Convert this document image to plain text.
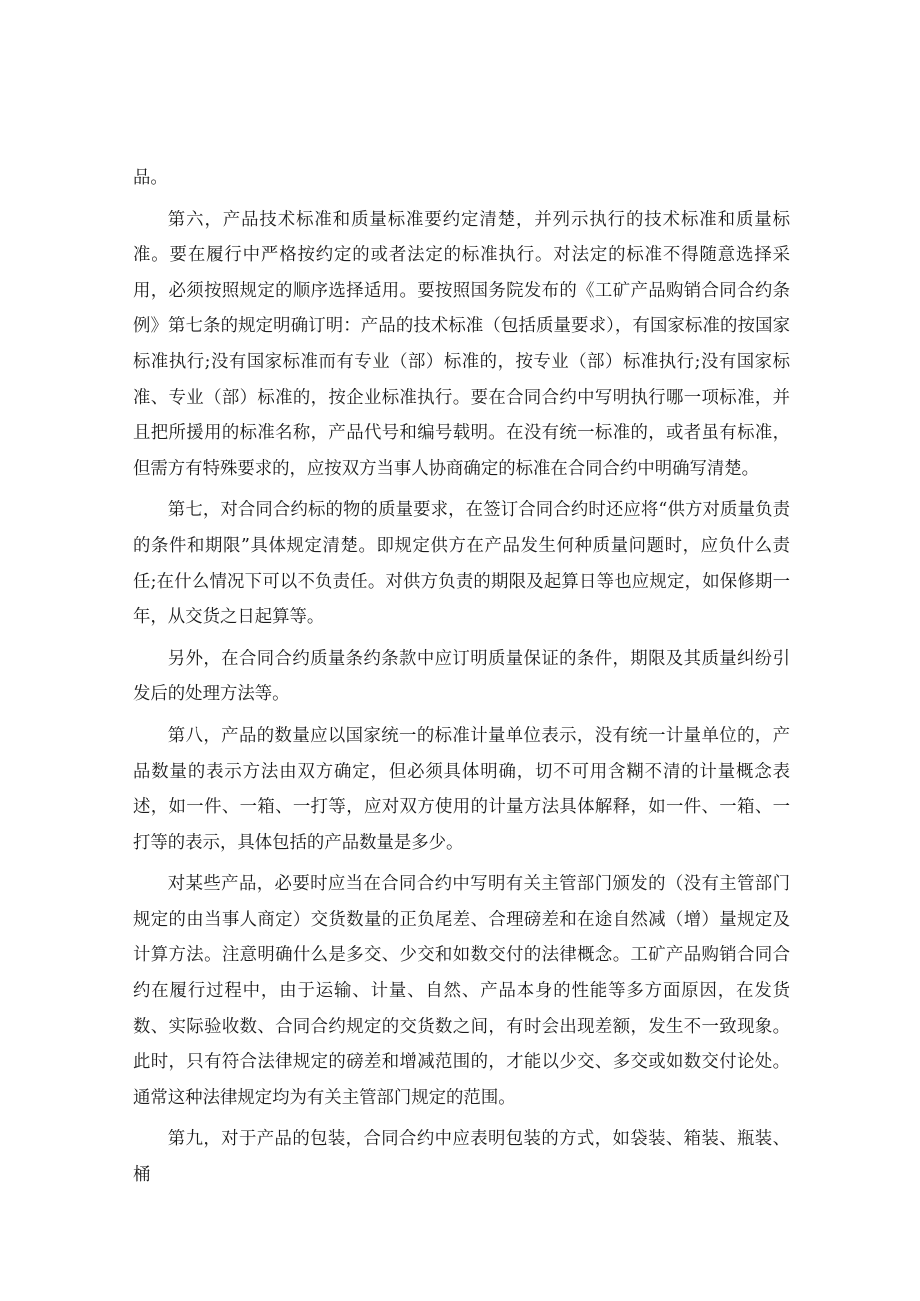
品。

第六，产品技术标准和质量标准要约定清楚，并列示执行的技术标准和质量标准。要在履行中严格按约定的或者法定的标准执行。对法定的标准不得随意选择采用，必须按照规定的顺序选择适用。要按照国务院发布的《工矿产品购销合同合约条例》第七条的规定明确订明：产品的技术标准（包括质量要求），有国家标准的按国家标准执行;没有国家标准而有专业（部）标准的，按专业（部）标准执行;没有国家标准、专业（部）标准的，按企业标准执行。要在合同合约中写明执行哪一项标准，并且把所援用的标准名称，产品代号和编号载明。在没有统一标准的，或者虽有标准，但需方有特殊要求的，应按双方当事人协商确定的标准在合同合约中明确写清楚。

第七，对合同合约标的物的质量要求，在签订合同合约时还应将“供方对质量负责的条件和期限”具体规定清楚。即规定供方在产品发生何种质量问题时，应负什么责任;在什么情况下可以不负责任。对供方负责的期限及起算日等也应规定，如保修期一年，从交货之日起算等。

另外，在合同合约质量条约条款中应订明质量保证的条件，期限及其质量纠纷引发后的处理方法等。

第八，产品的数量应以国家统一的标准计量单位表示，没有统一计量单位的，产品数量的表示方法由双方确定，但必须具体明确，切不可用含糊不清的计量概念表述，如一件、一箱、一打等，应对双方使用的计量方法具体解释，如一件、一箱、一打等的表示，具体包括的产品数量是多少。

对某些产品，必要时应当在合同合约中写明有关主管部门颁发的（没有主管部门规定的由当事人商定）交货数量的正负尾差、合理磅差和在途自然减（增）量规定及计算方法。注意明确什么是多交、少交和如数交付的法律概念。工矿产品购销合同合约在履行过程中，由于运输、计量、自然、产品本身的性能等多方面原因，在发货数、实际验收数、合同合约规定的交货数之间，有时会出现差额，发生不一致现象。此时，只有符合法律规定的磅差和增减范围的，才能以少交、多交或如数交付论处。通常这种法律规定均为有关主管部门规定的范围。

第九，对于产品的包装，合同合约中应表明包装的方式，如袋装、箱装、瓶装、桶
